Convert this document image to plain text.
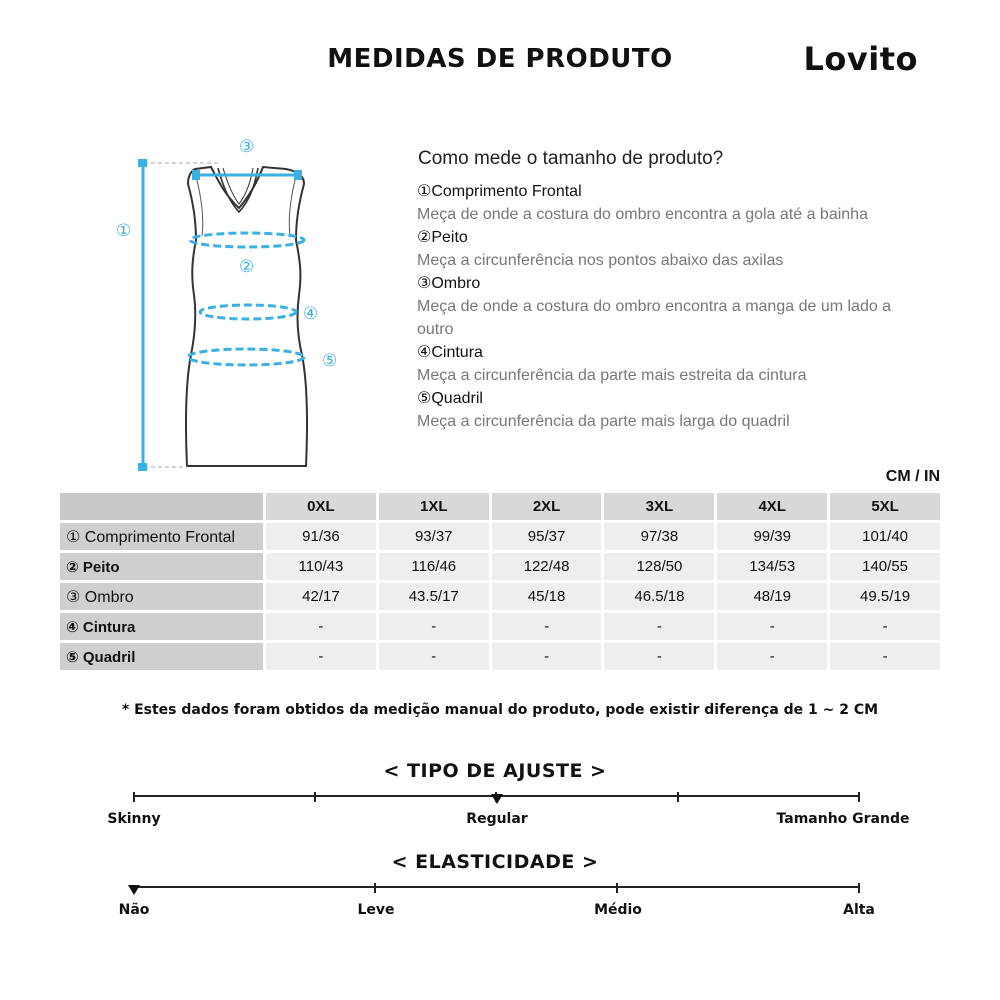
MEDIDAS DE PRODUTO	Lovito
①
②
③
④
⑤
Como mede o tamanho de produto?
①Comprimento Frontal
Meça de onde a costura do ombro encontra a gola até a bainha
②Peito
Meça a circunferência nos pontos abaixo das axilas
③Ombro
Meça de onde a costura do ombro encontra a manga de um lado a outro
④Cintura
Meça a circunferência da parte mais estreita da cintura
⑤Quadril
Meça a circunferência da parte mais larga do quadril
CM / IN
	0XL	1XL	2XL	3XL	4XL	5XL
① Comprimento Frontal	91/36	93/37	95/37	97/38	99/39	101/40
② Peito	110/43	116/46	122/48	128/50	134/53	140/55
③ Ombro	42/17	43.5/17	45/18	46.5/18	48/19	49.5/19
④ Cintura	-	-	-	-	-	-
⑤ Quadril	-	-	-	-	-	-
* Estes dados foram obtidos da medição manual do produto, pode existir diferença de 1 ~ 2 CM
< TIPO DE AJUSTE >
Skinny	Regular	Tamanho Grande
< ELASTICIDADE >
Não	Leve	Médio	Alta
